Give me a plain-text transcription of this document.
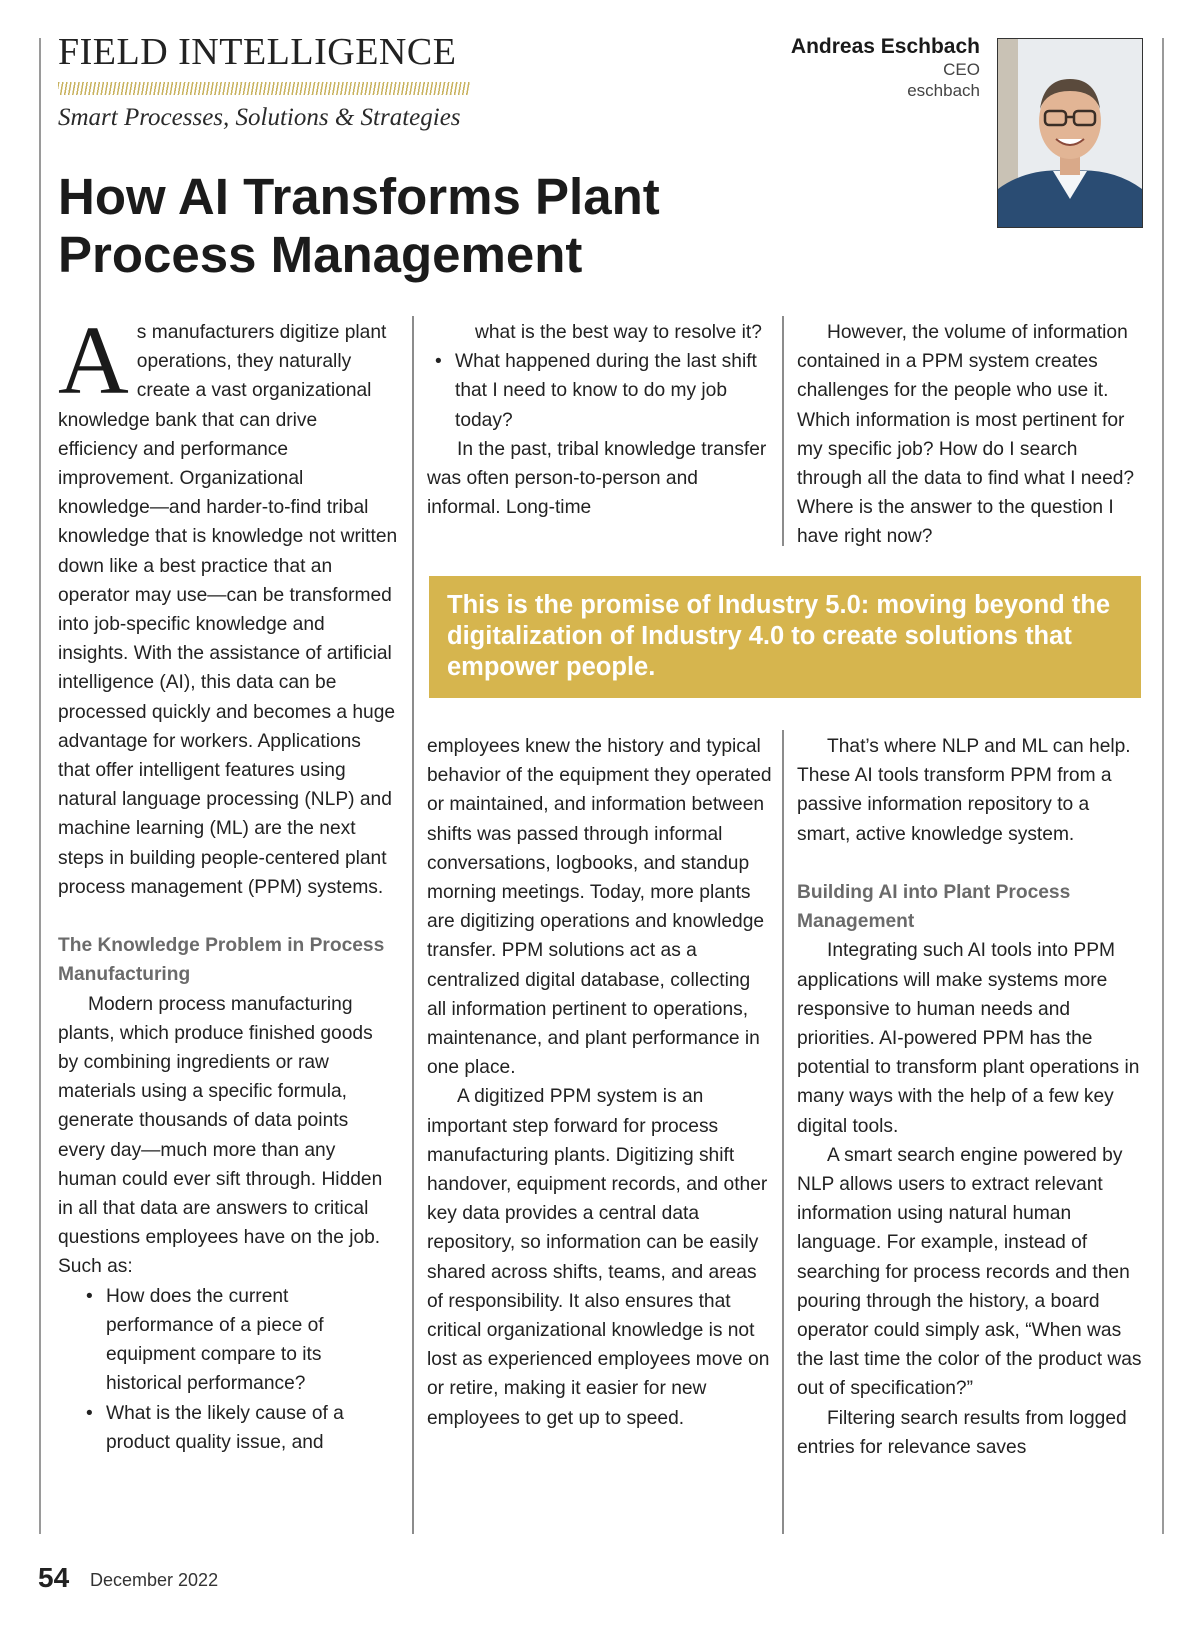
FIELD INTELLIGENCE
Smart Processes, Solutions & Strategies
Andreas Eschbach
CEO
eschbach
How AI Transforms Plant Process Management

As manufacturers digitize plant operations, they naturally create a vast organizational knowledge bank that can drive efficiency and performance improvement. Organizational knowledge—and harder-to-find tribal knowledge that is knowledge not written down like a best practice that an operator may use—can be transformed into job-specific knowledge and insights. With the assistance of artificial intelligence (AI), this data can be processed quickly and becomes a huge advantage for workers. Applications that offer intelligent features using natural language processing (NLP) and machine learning (ML) are the next steps in building people-centered plant process management (PPM) systems.

The Knowledge Problem in Process Manufacturing

Modern process manufacturing plants, which produce finished goods by combining ingredients or raw materials using a specific formula, generate thousands of data points every day—much more than any human could ever sift through. Hidden in all that data are answers to critical questions employees have on the job. Such as:

• How does the current performance of a piece of equipment compare to its historical performance?
• What is the likely cause of a product quality issue, and

what is the best way to resolve it?

• What happened during the last shift that I need to know to do my job today?

In the past, tribal knowledge transfer was often person-to-person and informal. Long-time

However, the volume of information contained in a PPM system creates challenges for the people who use it. Which information is most pertinent for my specific job? How do I search through all the data to find what I need? Where is the answer to the question I have right now?

This is the promise of Industry 5.0: moving beyond the digitalization of Industry 4.0 to create solutions that empower people.

employees knew the history and typical behavior of the equipment they operated or maintained, and information between shifts was passed through informal conversations, logbooks, and standup morning meetings. Today, more plants are digitizing operations and knowledge transfer. PPM solutions act as a centralized digital database, collecting all information pertinent to operations, maintenance, and plant performance in one place.

A digitized PPM system is an important step forward for process manufacturing plants. Digitizing shift handover, equipment records, and other key data provides a central data repository, so information can be easily shared across shifts, teams, and areas of responsibility. It also ensures that critical organizational knowledge is not lost as experienced employees move on or retire, making it easier for new employees to get up to speed.

That’s where NLP and ML can help. These AI tools transform PPM from a passive information repository to a smart, active knowledge system.

Building AI into Plant Process Management

Integrating such AI tools into PPM applications will make systems more responsive to human needs and priorities. AI-powered PPM has the potential to transform plant operations in many ways with the help of a few key digital tools.

A smart search engine powered by NLP allows users to extract relevant information using natural human language. For example, instead of searching for process records and then pouring through the history, a board operator could simply ask, “When was the last time the color of the product was out of specification?”

Filtering search results from logged entries for relevance saves

54 December 2022
